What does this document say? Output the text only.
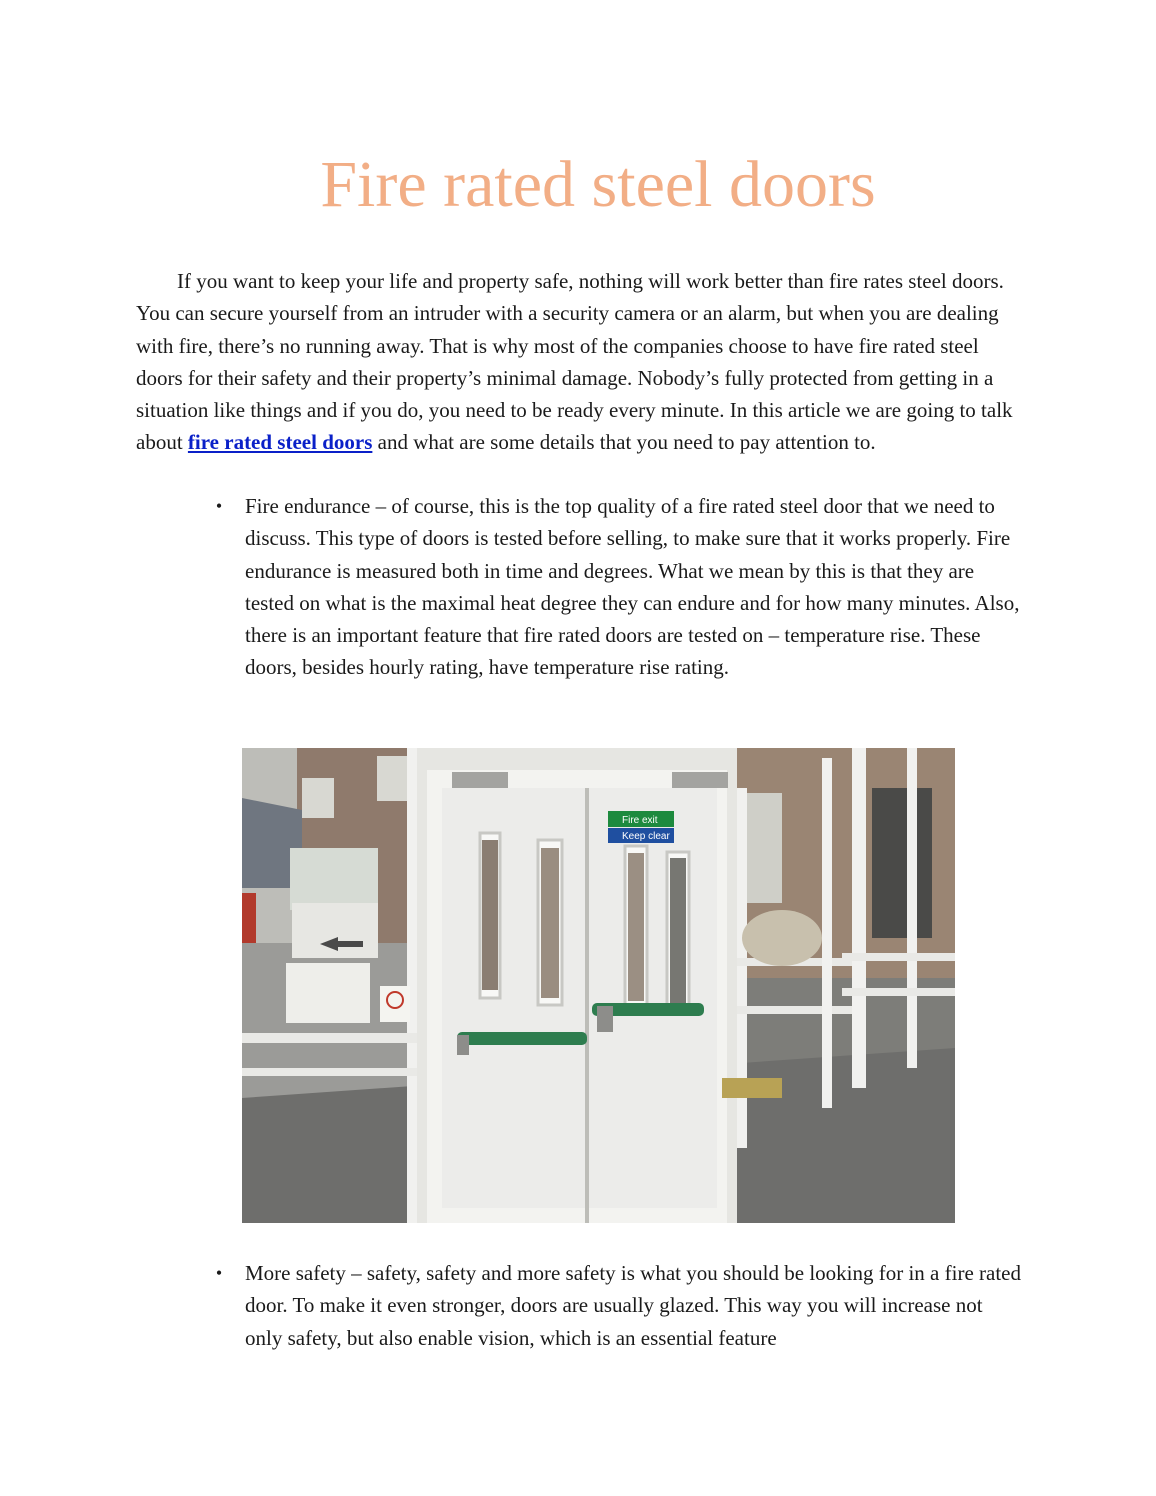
Fire rated steel doors

If you want to keep your life and property safe, nothing will work better than fire rates steel doors. You can secure yourself from an intruder with a security camera or an alarm, but when you are dealing with fire, there’s no running away. That is why most of the companies choose to have fire rated steel doors for their safety and their property’s minimal damage. Nobody’s fully protected from getting in a situation like things and if you do, you need to be ready every minute. In this article we are going to talk about fire rated steel doors and what are some details that you need to pay attention to.

•	Fire endurance – of course, this is the top quality of a fire rated steel door that we need to discuss. This type of doors is tested before selling, to make sure that it works properly. Fire endurance is measured both in time and degrees. What we mean by this is that they are tested on what is the maximal heat degree they can endure and for how many minutes. Also, there is an important feature that fire rated doors are tested on – temperature rise. These doors, besides hourly rating, have temperature rise rating.
Fire exit
Keep clear
•	More safety – safety, safety and more safety is what you should be looking for in a fire rated door. To make it even stronger, doors are usually glazed. This way you will increase not only safety, but also enable vision, which is an essential feature
